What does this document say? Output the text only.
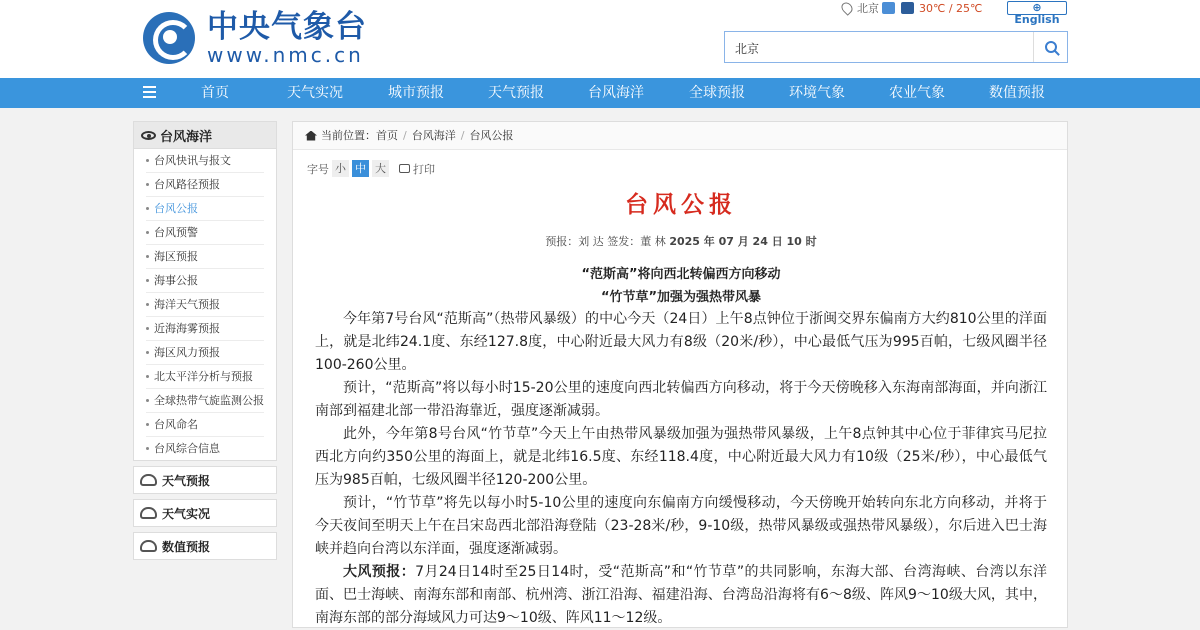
中央气象台
www.nmc.cn
北京	30℃ / 25℃	⊕ English
北京
首页	天气实况	城市预报	天气预报	台风海洋	全球预报	环境气象	农业气象	数值预报
台风海洋
台风快讯与报文
台风路径预报
台风公报
台风预警
海区预报
海事公报
海洋天气预报
近海海雾预报
海区风力预报
北太平洋分析与预报
全球热带气旋监测公报
台风命名
台风综合信息
天气预报
天气实况
数值预报
当前位置： 首页 / 台风海洋 / 台风公报
字号 小 中 大 打印
台风公报
预报：刘 达 签发：董 林 2025 年 07 月 24 日 10 时
“范斯高”将向西北转偏西方向移动
“竹节草”加强为强热带风暴

今年第7号台风“范斯高”（热带风暴级）的中心今天（24日）上午8点钟位于浙闽交界东偏南方大约810公里的洋面上，就是北纬24.1度、东经127.8度，中心附近最大风力有8级（20米/秒），中心最低气压为995百帕，七级风圈半径100-260公里。

预计，“范斯高”将以每小时15-20公里的速度向西北转偏西方向移动，将于今天傍晚移入东海南部海面，并向浙江南部到福建北部一带沿海靠近，强度逐渐减弱。

此外，今年第8号台风“竹节草”今天上午由热带风暴级加强为强热带风暴级，上午8点钟其中心位于菲律宾马尼拉西北方向约350公里的海面上，就是北纬16.5度、东经118.4度，中心附近最大风力有10级（25米/秒），中心最低气压为985百帕，七级风圈半径120-200公里。

预计，“竹节草”将先以每小时5-10公里的速度向东偏南方向缓慢移动，今天傍晚开始转向东北方向移动，并将于今天夜间至明天上午在吕宋岛西北部沿海登陆（23-28米/秒，9-10级，热带风暴级或强热带风暴级），尔后进入巴士海峡并趋向台湾以东洋面，强度逐渐减弱。

大风预报：7月24日14时至25日14时，受“范斯高”和“竹节草”的共同影响，东海大部、台湾海峡、台湾以东洋面、巴士海峡、南海东部和南部、杭州湾、浙江沿海、福建沿海、台湾岛沿海将有6～8级、阵风9～10级大风，其中，南海东部的部分海域风力可达9～10级、阵风11～12级。
